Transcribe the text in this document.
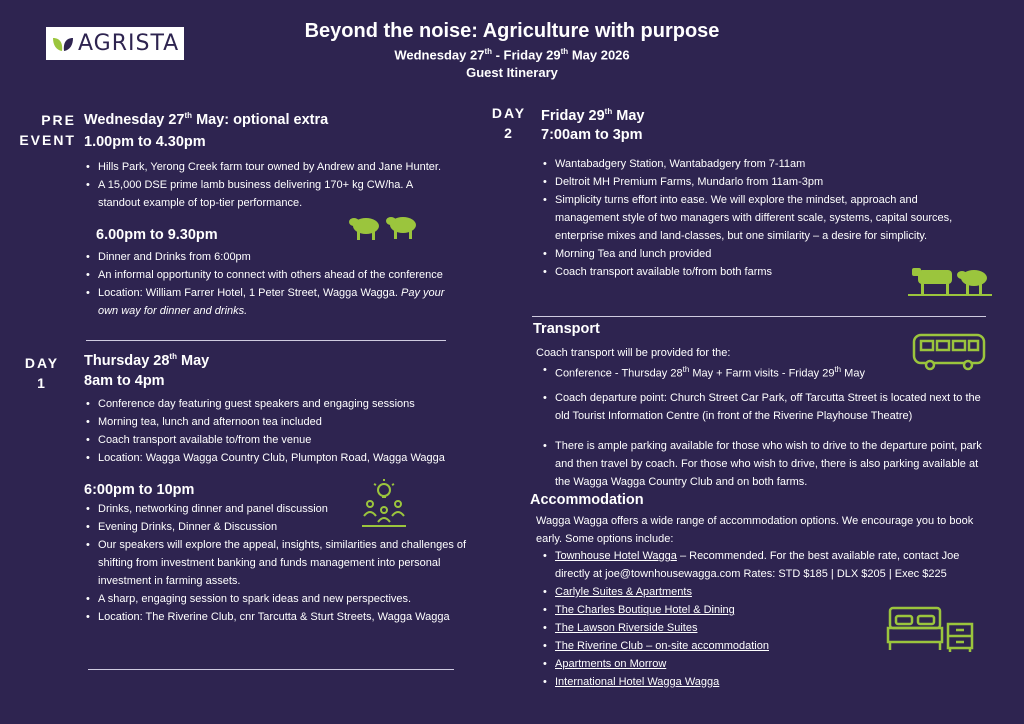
AGRISTA	Beyond the noise: Agriculture with purpose
Wednesday 27th - Friday 29th May 2026
Guest Itinerary
PRE
EVENT
Wednesday 27th May: optional extra
1.00pm to 4.30pm
• Hills Park, Yerong Creek farm tour owned by Andrew and Jane Hunter.
• A 15,000 DSE prime lamb business delivering 170+ kg CW/ha. A standout example of top-tier performance.
6.00pm to 9.30pm
• Dinner and Drinks from 6:00pm
• An informal opportunity to connect with others ahead of the conference
• Location: William Farrer Hotel, 1 Peter Street, Wagga Wagga. Pay your own way for dinner and drinks.
DAY
1
Thursday 28th May
8am to 4pm
• Conference day featuring guest speakers and engaging sessions
• Morning tea, lunch and afternoon tea included
• Coach transport available to/from the venue
• Location: Wagga Wagga Country Club, Plumpton Road, Wagga Wagga
6:00pm to 10pm
• Drinks, networking dinner and panel discussion
• Evening Drinks, Dinner & Discussion
• Our speakers will explore the appeal, insights, similarities and challenges of shifting from investment banking and funds management into personal investment in farming assets.
• A sharp, engaging session to spark ideas and new perspectives.
• Location: The Riverine Club, cnr Tarcutta & Sturt Streets, Wagga Wagga
DAY
2
Friday 29th May
7:00am to 3pm
• Wantabadgery Station, Wantabadgery from 7-11am
• Deltroit MH Premium Farms, Mundarlo from 11am-3pm
• Simplicity turns effort into ease. We will explore the mindset, approach and management style of two managers with different scale, systems, capital sources, enterprise mixes and land-classes, but one similarity – a desire for simplicity.
• Morning Tea and lunch provided
• Coach transport available to/from both farms
Transport
Coach transport will be provided for the:
• Conference - Thursday 28th May + Farm visits - Friday 29th May
• Coach departure point: Church Street Car Park, off Tarcutta Street is located next to the old Tourist Information Centre (in front of the Riverine Playhouse Theatre)
• There is ample parking available for those who wish to drive to the departure point, park and then travel by coach. For those who wish to drive, there is also parking available at the Wagga Wagga Country Club and on both farms.
Accommodation
Wagga Wagga offers a wide range of accommodation options. We encourage you to book early. Some options include:
• Townhouse Hotel Wagga – Recommended. For the best available rate, contact Joe directly at joe@townhousewagga.com Rates: STD $185 | DLX $205 | Exec $225
• Carlyle Suites & Apartments
• The Charles Boutique Hotel & Dining
• The Lawson Riverside Suites
• The Riverine Club – on-site accommodation
• Apartments on Morrow
• International Hotel Wagga Wagga
